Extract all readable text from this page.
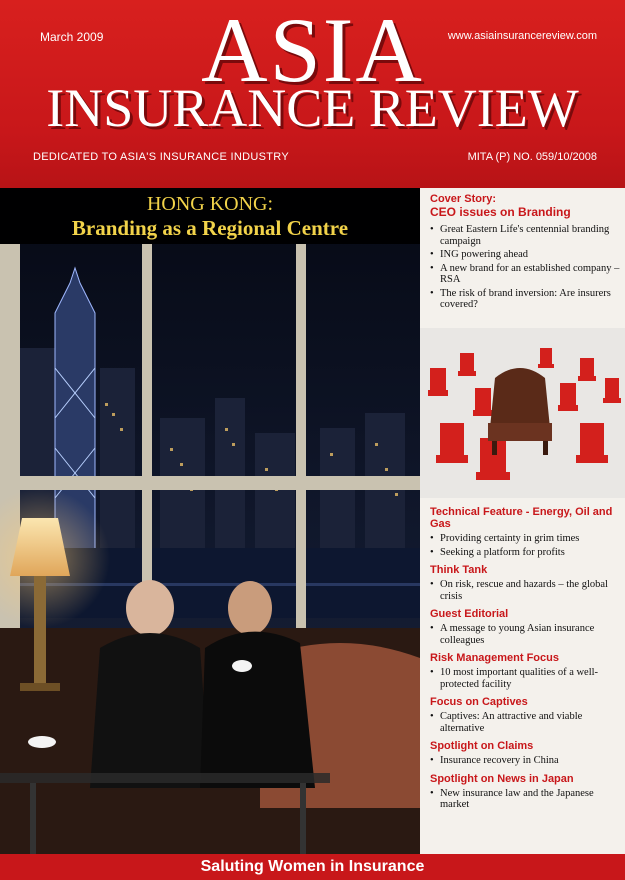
March 2009	www.asiainsurancereview.com
ASIA
INSURANCE REVIEW
DEDICATED TO ASIA'S INSURANCE INDUSTRY	MITA (P) NO. 059/10/2008
HONG KONG:
Branding as a Regional Centre
Cover Story:
CEO issues on Branding
• Great Eastern Life's centennial branding campaign
• ING powering ahead
• A new brand for an established company – RSA
• The risk of brand inversion: Are insurers covered?
Technical Feature - Energy, Oil and Gas
• Providing certainty in grim times
• Seeking a platform for profits
Think Tank
• On risk, rescue and hazards – the global crisis
Guest Editorial
• A message to young Asian insurance colleagues
Risk Management Focus
• 10 most important qualities of a well-protected facility
Focus on Captives
• Captives: An attractive and viable alternative
Spotlight on Claims
• Insurance recovery in China
Spotlight on News in Japan
• New insurance law and the Japanese market
Saluting Women in Insurance
